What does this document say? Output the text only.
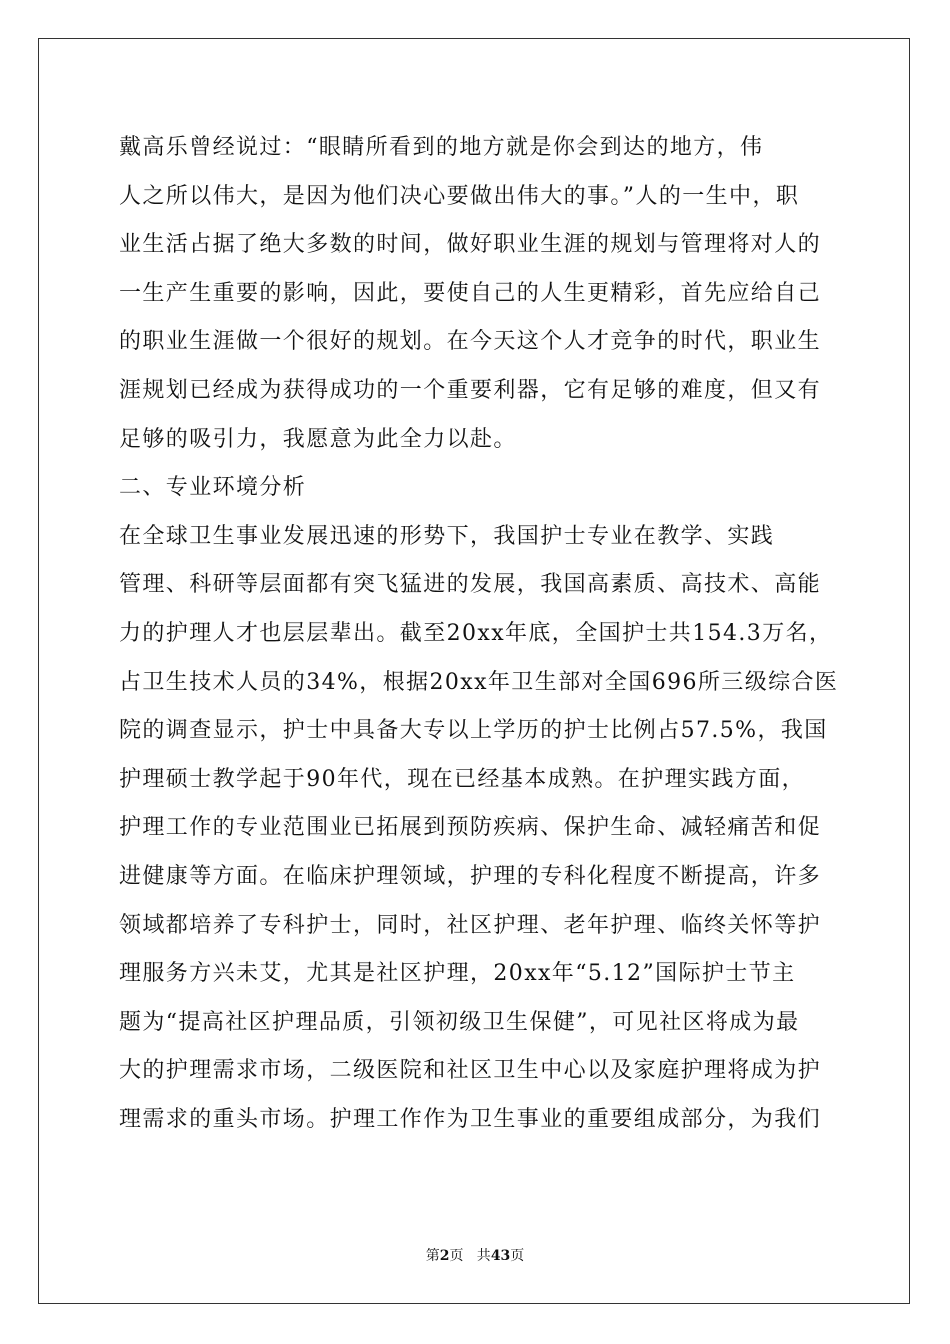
戴高乐曾经说过：“眼睛所看到的地方就是你会到达的地方，伟
人之所以伟大，是因为他们决心要做出伟大的事。”人的一生中，职
业生活占据了绝大多数的时间，做好职业生涯的规划与管理将对人的
一生产生重要的影响，因此，要使自己的人生更精彩，首先应给自己
的职业生涯做一个很好的规划。在今天这个人才竞争的时代，职业生
涯规划已经成为获得成功的一个重要利器，它有足够的难度，但又有
足够的吸引力，我愿意为此全力以赴。
二、专业环境分析
在全球卫生事业发展迅速的形势下，我国护士专业在教学、实践
管理、科研等层面都有突飞猛进的发展，我国高素质、高技术、高能
力的护理人才也层层辈出。截至20xx年底，全国护士共154.3万名，
占卫生技术人员的34%，根据20xx年卫生部对全国696所三级综合医
院的调查显示，护士中具备大专以上学历的护士比例占57.5%，我国
护理硕士教学起于90年代，现在已经基本成熟。在护理实践方面，
护理工作的专业范围业已拓展到预防疾病、保护生命、减轻痛苦和促
进健康等方面。在临床护理领域，护理的专科化程度不断提高，许多
领域都培养了专科护士，同时，社区护理、老年护理、临终关怀等护
理服务方兴未艾，尤其是社区护理，20xx年“5.12”国际护士节主
题为“提高社区护理品质，引领初级卫生保健”，可见社区将成为最
大的护理需求市场，二级医院和社区卫生中心以及家庭护理将成为护
理需求的重头市场。护理工作作为卫生事业的重要组成部分，为我们
第2页   共43页
